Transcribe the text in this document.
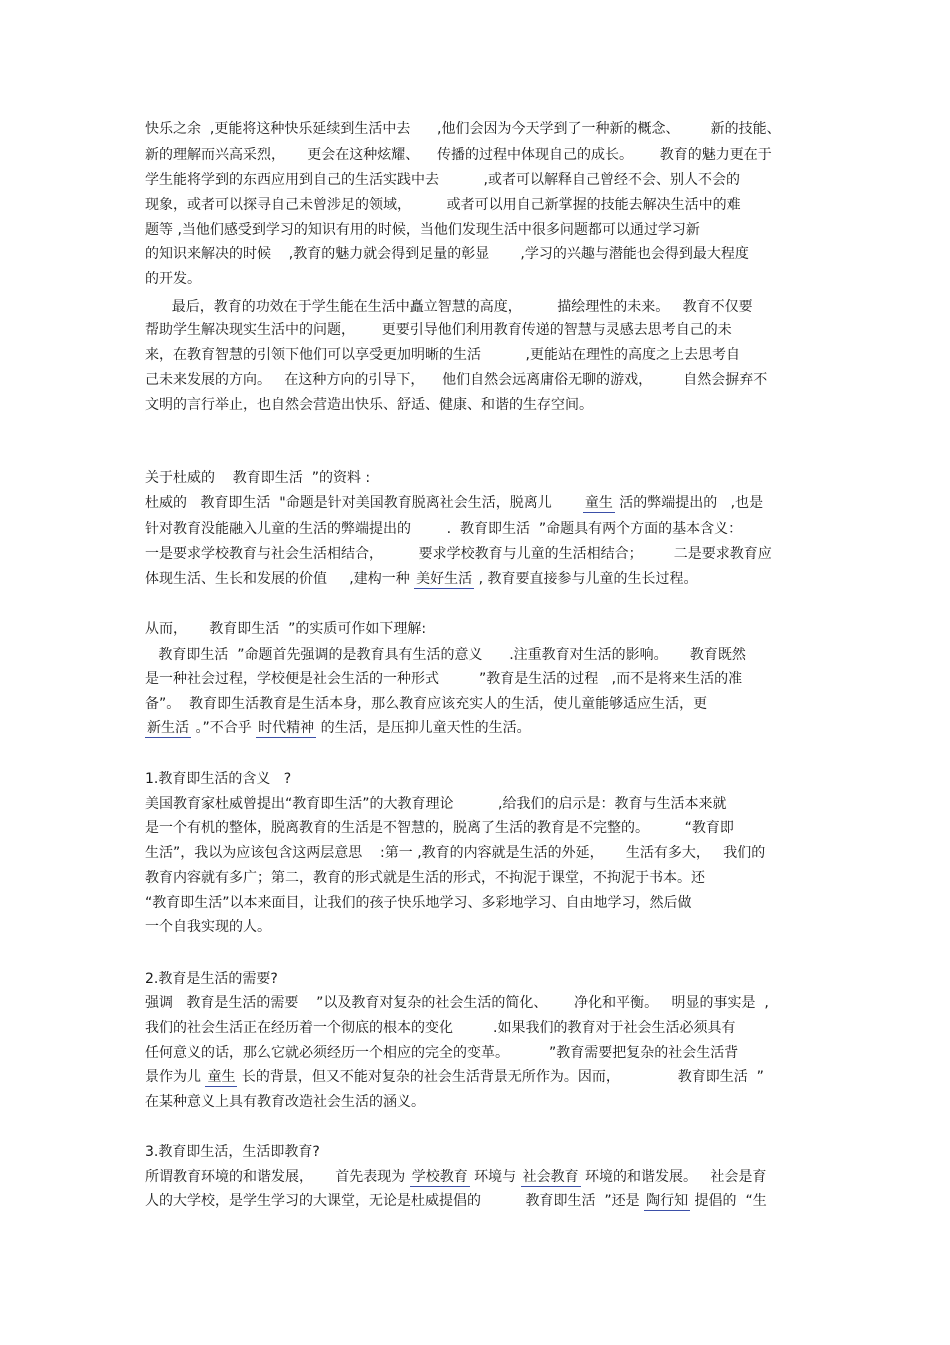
快乐之余  ,更能将这种快乐延续到生活中去      ,他们会因为今天学到了一种新的概念、       新的技能、
新的理解而兴高采烈，     更会在这种炫耀、    传播的过程中体现自己的成长。      教育的魅力更在于
学生能将学到的东西应用到自己的生活实践中去          ,或者可以解释自己曾经不会、别人不会的
现象，或者可以探寻自己未曾涉足的领域，        或者可以用自己新掌握的技能去解决生活中的难
题等 ,当他们感受到学习的知识有用的时候，当他们发现生活中很多问题都可以通过学习新
的知识来解决的时候    ,教育的魅力就会得到足量的彰显       ,学习的兴趣与潜能也会得到最大程度
的开发。
最后，教育的功效在于学生能在生活中矗立智慧的高度，        描绘理性的未来。   教育不仅要
帮助学生解决现实生活中的问题，      更要引导他们利用教育传递的智慧与灵感去思考自己的未
来，在教育智慧的引领下他们可以享受更加明晰的生活          ,更能站在理性的高度之上去思考自
己未来发展的方向。   在这种方向的引导下，    他们自然会远离庸俗无聊的游戏，       自然会摒弃不
文明的言行举止，也自然会营造出快乐、舒适、健康、和谐的生存空间。
关于杜威的    教育即生活  ”的资料 :
杜威的   教育即生活  "命题是针对美国教育脱离社会生活，脱离儿 童生 活的弊端提出的   ,也是
针对教育没能融入儿童的生活的弊端提出的        .  教育即生活  ”命题具有两个方面的基本含义：
一是要求学校教育与社会生活相结合，        要求学校教育与儿童的生活相结合；       二是要求教育应
体现生活、生长和发展的价值     ,建构一种 美好生活 , 教育要直接参与儿童的生长过程。
从而，     教育即生活  ”的实质可作如下理解:
教育即生活  ”命题首先强调的是教育具有生活的意义      .注重教育对生活的影响。     教育既然
是一种社会过程，学校便是社会生活的一种形式         ”教育是生活的过程   ,而不是将来生活的准
备”。  教育即生活教育是生活本身，那么教育应该充实人的生活，使儿童能够适应生活，更
新生活 。”不合乎 时代精神 的生活，是压抑儿童天性的生活。
1.教育即生活的含义   ?
美国教育家杜威曾提出“教育即生活”的大教育理论          ,给我们的启示是：教育与生活本来就
是一个有机的整体，脱离教育的生活是不智慧的，脱离了生活的教育是不完整的。        “教育即
生活”，我以为应该包含这两层意思    :第一 ,教育的内容就是生活的外延，     生活有多大，   我们的
教育内容就有多广；第二，教育的形式就是生活的形式，不拘泥于课堂，不拘泥于书本。还
“教育即生活”以本来面目，让我们的孩子快乐地学习、多彩地学习、自由地学习，然后做
一个自我实现的人。
2.教育是生活的需要?
强调   教育是生活的需要    ”以及教育对复杂的社会生活的简化、      净化和平衡。   明显的事实是  ,
我们的社会生活正在经历着一个彻底的根本的变化         .如果我们的教育对于社会生活必须具有
任何意义的话，那么它就必须经历一个相应的完全的变革。         ”教育需要把复杂的社会生活背
景作为儿 童生 长的背景，但又不能对复杂的社会生活背景无所作为。因而，             教育即生活  ”
在某种意义上具有教育改造社会生活的涵义。
3.教育即生活，生活即教育?
所谓教育环境的和谐发展，     首先表现为 学校教育 环境与 社会教育 环境的和谐发展。   社会是育
人的大学校，是学生学习的大课堂，无论是杜威提倡的          教育即生活  ”还是 陶行知 提倡的  “生
